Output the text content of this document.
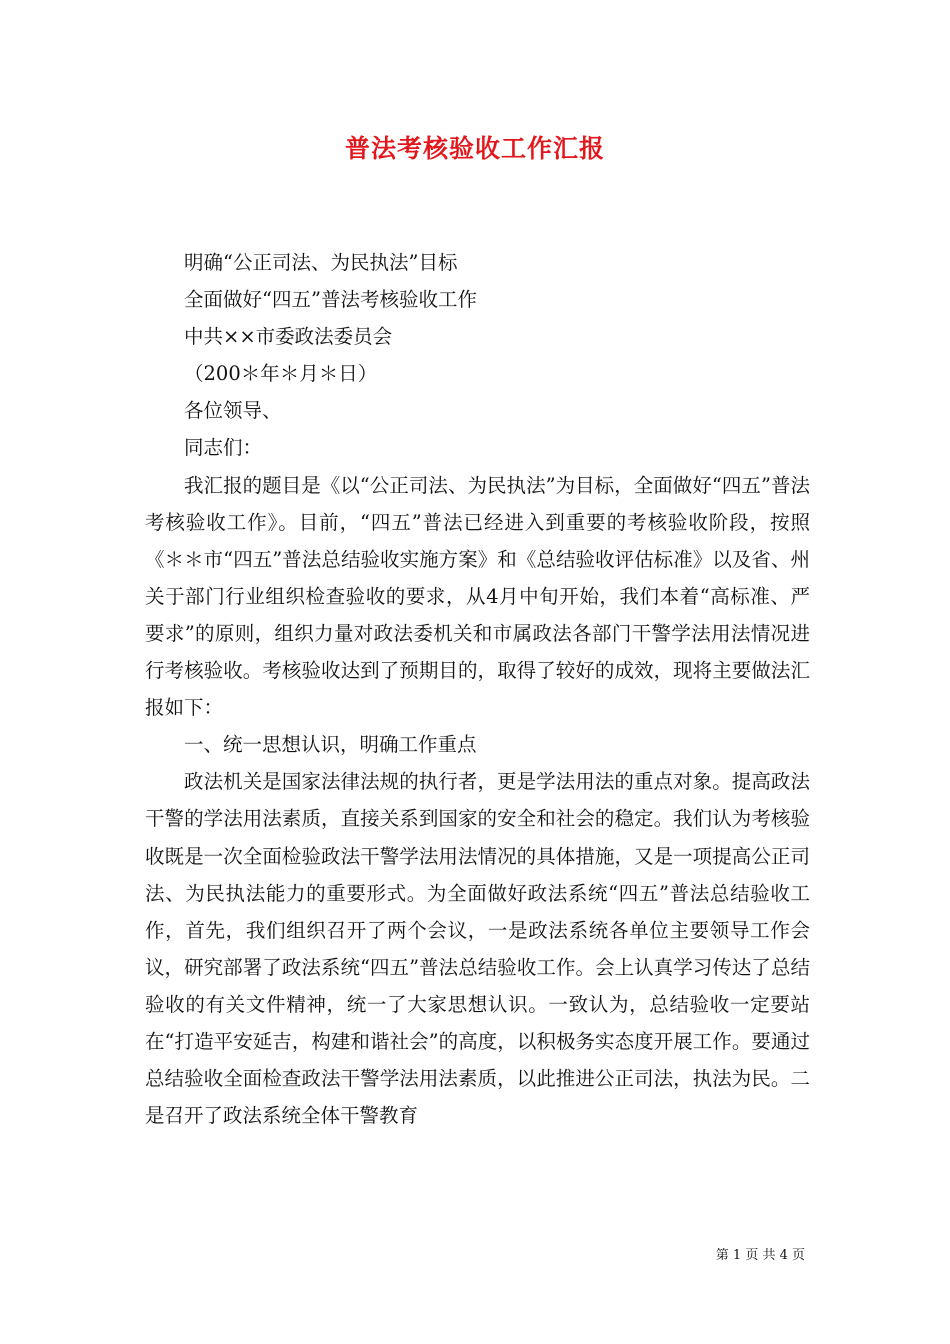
普法考核验收工作汇报

明确“公正司法、为民执法”目标

全面做好“四五”普法考核验收工作

中共××市委政法委员会

（200＊年＊月＊日）

各位领导、

同志们：

我汇报的题目是《以“公正司法、为民执法”为目标，全面做好“四五”普法考核验收工作》。目前，“四五”普法已经进入到重要的考核验收阶段，按照《＊＊市“四五”普法总结验收实施方案》和《总结验收评估标准》以及省、州关于部门行业组织检查验收的要求，从4月中旬开始，我们本着“高标准、严要求”的原则，组织力量对政法委机关和市属政法各部门干警学法用法情况进行考核验收。考核验收达到了预期目的，取得了较好的成效，现将主要做法汇报如下：

一、统一思想认识，明确工作重点

政法机关是国家法律法规的执行者，更是学法用法的重点对象。提高政法干警的学法用法素质，直接关系到国家的安全和社会的稳定。我们认为考核验收既是一次全面检验政法干警学法用法情况的具体措施，又是一项提高公正司法、为民执法能力的重要形式。为全面做好政法系统“四五”普法总结验收工作，首先，我们组织召开了两个会议，一是政法系统各单位主要领导工作会议，研究部署了政法系统“四五”普法总结验收工作。会上认真学习传达了总结验收的有关文件精神，统一了大家思想认识。一致认为，总结验收一定要站在“打造平安延吉，构建和谐社会”的高度，以积极务实态度开展工作。要通过总结验收全面检查政法干警学法用法素质，以此推进公正司法，执法为民。二是召开了政法系统全体干警教育

第 1 页 共 4 页
